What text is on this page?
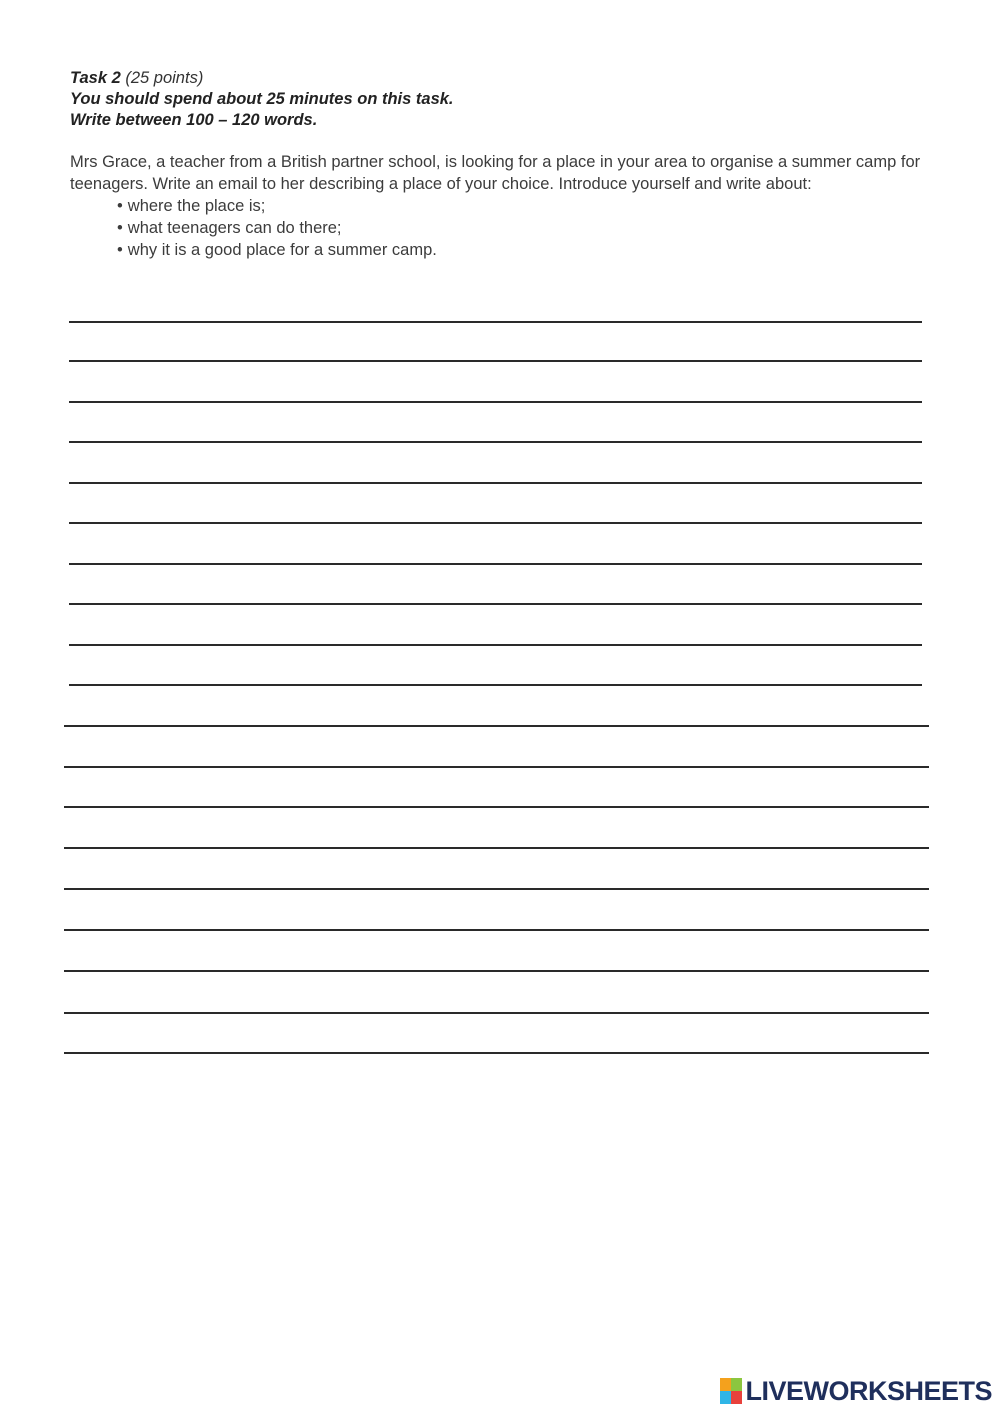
Task 2 (25 points)
You should spend about 25 minutes on this task.
Write between 100 – 120 words.

Mrs Grace, a teacher from a British partner school, is looking for a place in your area to organise a summer camp for teenagers. Write an email to her describing a place of your choice. Introduce yourself and write about:

• where the place is;
• what teenagers can do there;
• why it is a good place for a summer camp.
LIVEWORKSHEETS
